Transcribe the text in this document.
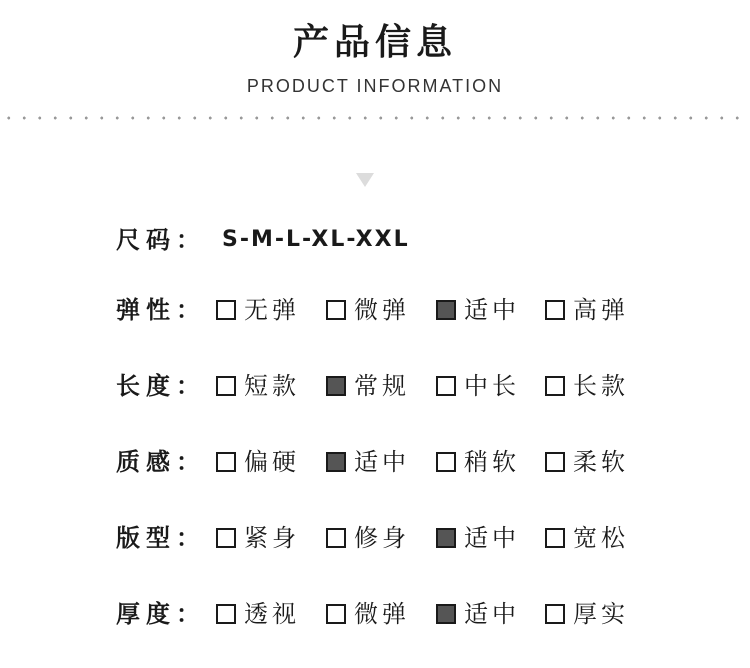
产品信息
PRODUCT INFORMATION
尺码： S-M-L-XL-XXL
弹性： 无弹 微弹 适中 高弹
长度： 短款 常规 中长 长款
质感： 偏硬 适中 稍软 柔软
版型： 紧身 修身 适中 宽松
厚度： 透视 微弹 适中 厚实
